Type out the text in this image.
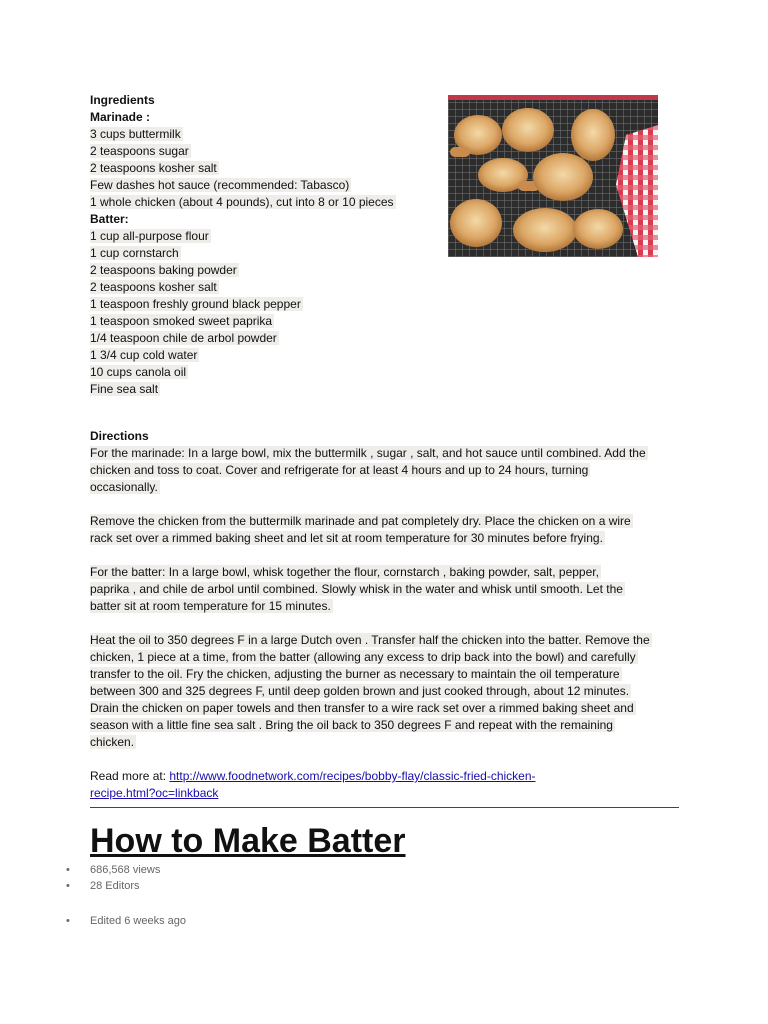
Ingredients
Marinade :
3 cups buttermilk
2 teaspoons sugar
2 teaspoons kosher salt
Few dashes hot sauce (recommended: Tabasco)
1 whole chicken (about 4 pounds), cut into 8 or 10 pieces
Batter:
1 cup all-purpose flour
1 cup cornstarch
2 teaspoons baking powder
2 teaspoons kosher salt
1 teaspoon freshly ground black pepper
1 teaspoon smoked sweet paprika
1/4 teaspoon chile de arbol powder
1 3/4 cup cold water
10 cups canola oil
Fine sea salt
Directions
For the marinade: In a large bowl, mix the buttermilk , sugar , salt, and hot sauce until combined. Add the
chicken and toss to coat. Cover and refrigerate for at least 4 hours and up to 24 hours, turning
occasionally.
Remove the chicken from the buttermilk marinade and pat completely dry. Place the chicken on a wire
rack set over a rimmed baking sheet and let sit at room temperature for 30 minutes before frying.
For the batter: In a large bowl, whisk together the flour, cornstarch , baking powder, salt, pepper,
paprika , and chile de arbol until combined. Slowly whisk in the water and whisk until smooth. Let the
batter sit at room temperature for 15 minutes.
Heat the oil to 350 degrees F in a large Dutch oven . Transfer half the chicken into the batter. Remove the
chicken, 1 piece at a time, from the batter (allowing any excess to drip back into the bowl) and carefully
transfer to the oil. Fry the chicken, adjusting the burner as necessary to maintain the oil temperature
between 300 and 325 degrees F, until deep golden brown and just cooked through, about 12 minutes.
Drain the chicken on paper towels and then transfer to a wire rack set over a rimmed baking sheet and
season with a little fine sea salt . Bring the oil back to 350 degrees F and repeat with the remaining
chicken.
Read more at: http://www.foodnetwork.com/recipes/bobby-flay/classic-fried-chicken-
recipe.html?oc=linkback
How to Make Batter
•	686,568 views
•	28 Editors
•	Edited 6 weeks ago
